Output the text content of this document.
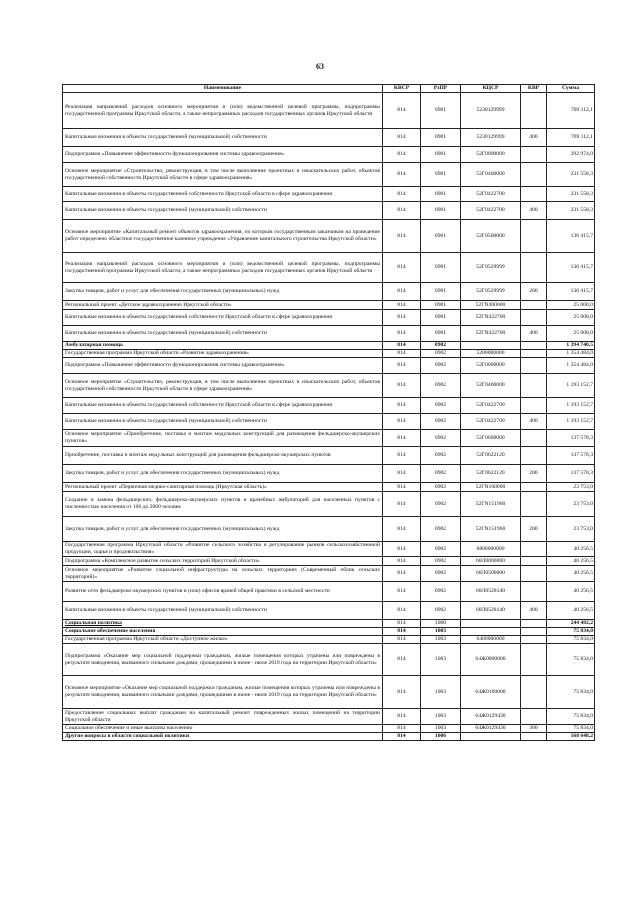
63
Наименование	КВСР	РзПР	КЦСР	КВР	Сумма
Реализация направлений расходов основного мероприятия и (или) ведомственной целевой программы, подпрограммы государственной программы Иркутской области, а также непрограммных расходов государственных органов Иркутской области	814	0901	5230129999		769 112,1
Капитальные вложения в объекты государственной (муниципальной) собственности	814	0901	5230129999	400	769 112,1
Подпрограмма «Повышение эффективности функционирования системы здравоохранения»	814	0901	52Г0000000		392 974,0
Основное мероприятие «Строительство, реконструкция, в том числе выполнение проектных и изыскательских работ, объектов государственной собственности Иркутской области в сфере здравоохранения»	814	0901	52Г0400000		231 558,3
Капитальные вложения в объекты государственной собственности Иркутской области в сфере здравоохранения	814	0901	52Г0422700		231 558,3
Капитальные вложения в объекты государственной (муниципальной) собственности	814	0901	52Г0422700	400	231 558,3
Основное мероприятие «Капитальный ремонт объектов здравоохранения, по которым государственным заказчиком на проведение работ определено областное государственное казенное учреждение «Управление капитального строительства Иркутской области»	814	0901	52Г0500000		136 415,7
Реализация направлений расходов основного мероприятия и (или) ведомственной целевой программы, подпрограммы государственной программы Иркутской области, а также непрограммных расходов государственных органов Иркутской области	814	0901	52Г0529999		136 415,7
Закупка товаров, работ и услуг для обеспечения государственных (муниципальных) нужд	814	0901	52Г0529999	200	136 415,7
Региональный проект «Детское здравоохранение Иркутской области»	814	0901	52ГN400000		25 000,0
Капитальные вложения в объекты государственной собственности Иркутской области в сфере здравоохранения	814	0901	52ГN422700		25 000,0
Капитальные вложения в объекты государственной (муниципальной) собственности	814	0901	52ГN422700	400	25 000,0
Амбулаторная помощь	814	0902			1 394 740,5
Государственная программа Иркутской области «Развитие здравоохранения»	814	0902	5200000000		1 354 484,0
Подпрограмма «Повышение эффективности функционирования системы здравоохранения»	814	0902	52Г0000000		1 354 484,0
Основное мероприятие «Строительство, реконструкция, в том числе выполнение проектных и изыскательских работ, объектов государственной собственности Иркутской области в сфере здравоохранения»	814	0902	52Г0400000		1 193 152,7
Капитальные вложения в объекты государственной собственности Иркутской области в сфере здравоохранения	814	0902	52Г0422700		1 193 152,7
Капитальные вложения в объекты государственной (муниципальной) собственности	814	0902	52Г0422700	400	1 193 152,7
Основное мероприятие «Приобретение, поставка и монтаж модульных конструкций для размещения фельдшерско-акушерских пунктов»	814	0902	52Г0600000		137 578,3
Приобретение, поставка и монтаж модульных конструкций для размещения фельдшерско-акушерских пунктов	814	0902	52Г0622120		137 578,3
Закупка товаров, работ и услуг для обеспечения государственных (муниципальных) нужд	814	0902	52Г0622120	200	137 578,3
Региональный проект «Первичная медико-санитарная помощь (Иркутская область)»	814	0902	52ГN100000		23 753,0
Создание и замена фельдшерских, фельдшерско-акушерских пунктов и врачебных амбулаторий для населенных пунктов с численностью населения от 100 до 2000 человек	814	0902	52ГN151960		23 753,0
Закупка товаров, работ и услуг для обеспечения государственных (муниципальных) нужд	814	0902	52ГN151960	200	23 753,0
Государственная программа Иркутской области «Развитие сельского хозяйства и регулирование рынков сельскохозяйственной продукции, сырья и продовольствия»	814	0902	6800000000		40 256,5
Подпрограмма «Комплексное развитие сельских территорий Иркутской области»	814	0902	68Л0000000		40 256,5
Основное мероприятие «Развитие социальной инфраструктуры на сельских территориях (Современный облик сельских территорий)»	814	0902	68Л0500000		40 256,5
Развитие сети фельдшерско-акушерских пунктов и (или) офисов врачей общей практики в сельской местности	814	0902	68Л0528140		40 256,5
Капитальные вложения в объекты государственной (муниципальной) собственности	814	0902	68Л0528140	400	40 256,5
Социальная политика	814	1000			244 482,2
Социальное обеспечение населения	814	1003			75 834,0
Государственная программа Иркутской области «Доступное жилье»	814	1003	6400000000		75 834,0
Подпрограмма «Оказание мер социальной поддержки гражданам, жилые помещения которых утрачены или повреждены в результате наводнения, вызванного сильными дождями, прошедшими в июне - июле 2019 года на территории Иркутской области»	814	1003	64Ж0000000		75 834,0
Основное мероприятие «Оказание мер социальной поддержки гражданам, жилые помещения которых утрачены или повреждены в результате наводнения, вызванного сильными дождями, прошедшими в июне - июле 2019 года на территории Иркутской области»	814	1003	64Ж0100000		75 834,0
Предоставление социальных выплат гражданам на капитальный ремонт поврежденных жилых помещений на территории Иркутской области	814	1003	64Ж0129430		75 834,0
Социальное обеспечение и иные выплаты населению	814	1003	64Ж0129430	300	75 834,0
Другие вопросы в области социальной политики	814	1006			168 648,2
